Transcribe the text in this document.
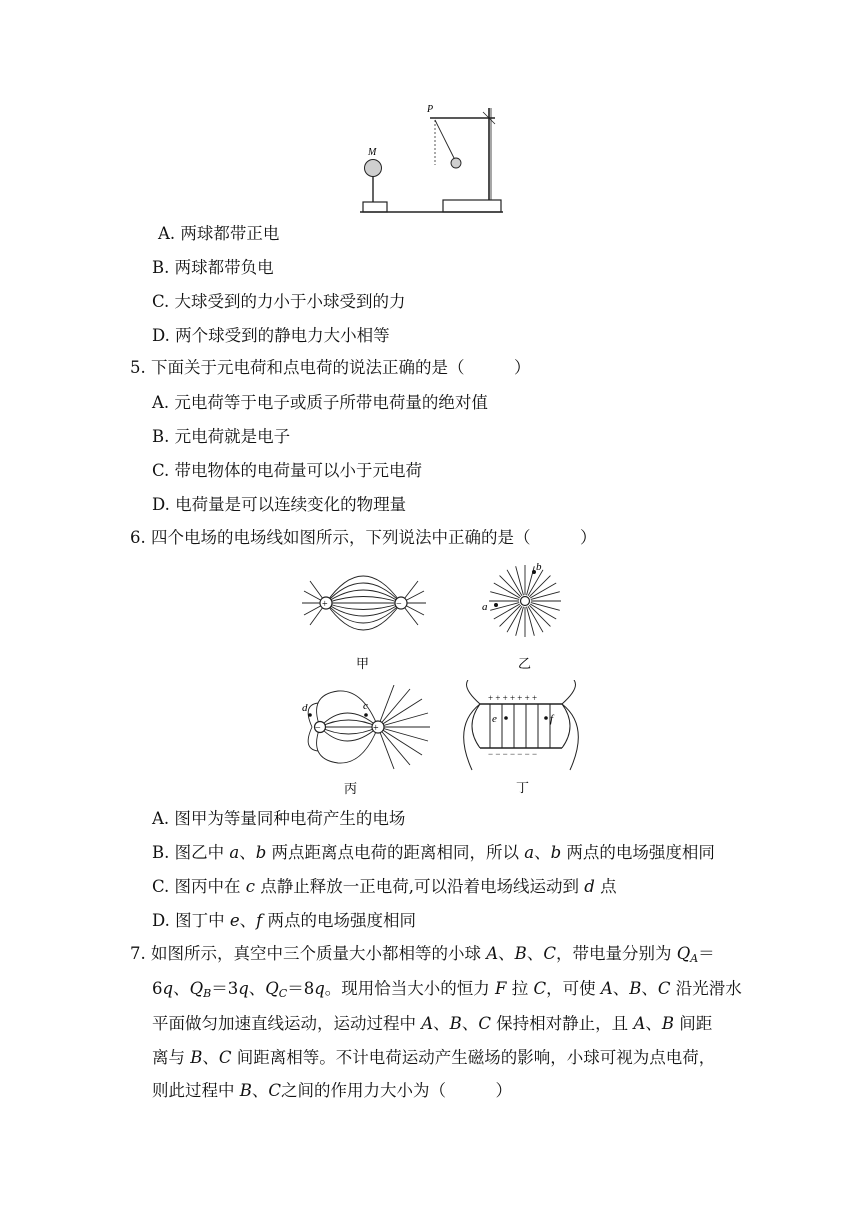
M
P
A. 两球都带正电
B. 两球都带负电
C. 大球受到的力小于小球受到的力
D. 两个球受到的静电力大小相等
5. 下面关于元电荷和点电荷的说法正确的是（　　　）
A. 元电荷等于电子或质子所带电荷量的绝对值
B. 元电荷就是电子
C. 带电物体的电荷量可以小于元电荷
D. 电荷量是可以连续变化的物理量
6. 四个电场的电场线如图所示，下列说法中正确的是（　　　）
+	−
甲
a
b
乙
−	+
d	c
丙
+ + + + + + +
− − − − − − −
e	f
丁
A. 图甲为等量同种电荷产生的电场
B. 图乙中 a、b 两点距离点电荷的距离相同，所以 a、b 两点的电场强度相同
C. 图丙中在 c 点静止释放一正电荷,可以沿着电场线运动到 d 点
D. 图丁中 e、f 两点的电场强度相同
7. 如图所示，真空中三个质量大小都相等的小球 A、B、C，带电量分别为 $Q_A=$
6q、$Q_B=3q$、$Q_C=8q$。现用恰当大小的恒力 F 拉 C，可使 A、B、C 沿光滑水
平面做匀加速直线运动，运动过程中 A、B、C 保持相对静止，且 A、B 间距
离与 B、C 间距离相等。不计电荷运动产生磁场的影响，小球可视为点电荷，
则此过程中 B、C之间的作用力大小为（　　　）
